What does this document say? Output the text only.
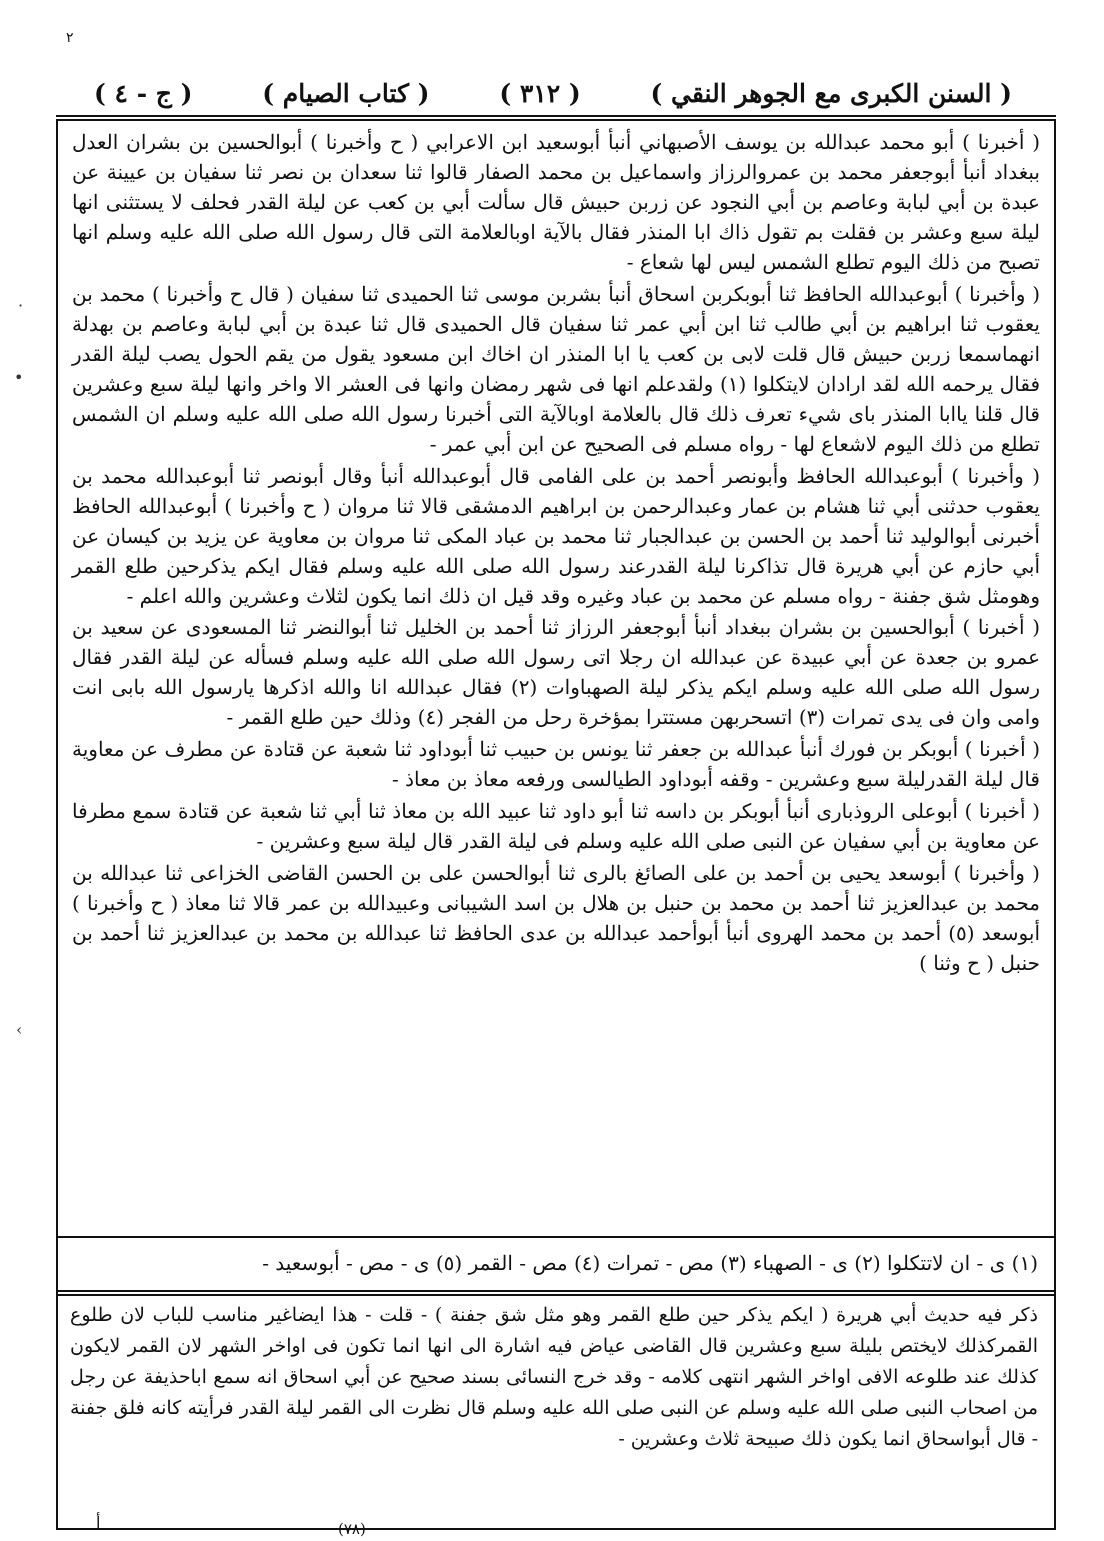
٢
·
•
‹
( السنن الكبرى مع الجوهر النقي )
( ٣١٢ )
( كتاب الصيام )
( ج - ٤ )

( أخبرنا ) أبو محمد عبدالله بن يوسف الأصبهاني أنبأ أبوسعيد ابن الاعرابي ( ح وأخبرنا ) أبوالحسين بن بشران العدل ببغداد أنبأ أبوجعفر محمد بن عمروالرزاز واسماعيل بن محمد الصفار قالوا ثنا سعدان بن نصر ثنا سفيان بن عيينة عن عبدة بن أبي لبابة وعاصم بن أبي النجود عن زربن حبيش قال سألت أبي بن كعب عن ليلة القدر فحلف لا يستثنى انها ليلة سبع وعشر بن فقلت بم تقول ذاك ابا المنذر فقال بالآية اوبالعلامة التى قال رسول الله صلى الله عليه وسلم انها تصبح من ذلك اليوم تطلع الشمس ليس لها شعاع -

( وأخبرنا ) أبوعبدالله الحافظ ثنا أبوبكربن اسحاق أنبأ بشربن موسى ثنا الحميدى ثنا سفيان ( قال ح وأخبرنا ) محمد بن يعقوب ثنا ابراهيم بن أبي طالب ثنا ابن أبي عمر ثنا سفيان قال الحميدى قال ثنا عبدة بن أبي لبابة وعاصم بن بهدلة انهماسمعا زربن حبيش قال قلت لابى بن كعب يا ابا المنذر ان اخاك ابن مسعود يقول من يقم الحول يصب ليلة القدر فقال يرحمه الله لقد ارادان لايتكلوا (١) ولقدعلم انها فى شهر رمضان وانها فى العشر الا واخر وانها ليلة سبع وعشرين قال قلنا ياابا المنذر باى شيء تعرف ذلك قال بالعلامة اوبالآية التى أخبرنا رسول الله صلى الله عليه وسلم ان الشمس تطلع من ذلك اليوم لاشعاع لها - رواه مسلم فى الصحيح عن ابن أبي عمر -

( وأخبرنا ) أبوعبدالله الحافظ وأبونصر أحمد بن على الفامى قال أبوعبدالله أنبأ وقال أبونصر ثنا أبوعبدالله محمد بن يعقوب حدثنى أبي ثنا هشام بن عمار وعبدالرحمن بن ابراهيم الدمشقى قالا ثنا مروان ( ح وأخبرنا ) أبوعبدالله الحافظ أخبرنى أبوالوليد ثنا أحمد بن الحسن بن عبدالجبار ثنا محمد بن عباد المكى ثنا مروان بن معاوية عن يزيد بن كيسان عن أبي حازم عن أبي هريرة قال تذاكرنا ليلة القدرعند رسول الله صلى الله عليه وسلم فقال ايكم يذكرحين طلع القمر وهومثل شق جفنة - رواه مسلم عن محمد بن عباد وغيره وقد قيل ان ذلك انما يكون لثلاث وعشرين والله اعلم -

( أخبرنا ) أبوالحسين بن بشران ببغداد أنبأ أبوجعفر الرزاز ثنا أحمد بن الخليل ثنا أبوالنضر ثنا المسعودى عن سعيد بن عمرو بن جعدة عن أبي عبيدة عن عبدالله ان رجلا اتى رسول الله صلى الله عليه وسلم فسأله عن ليلة القدر فقال رسول الله صلى الله عليه وسلم ايكم يذكر ليلة الصهباوات (٢) فقال عبدالله انا والله اذكرها يارسول الله بابى انت وامى وان فى يدى تمرات (٣) اتسحربهن مستترا بمؤخرة رحل من الفجر (٤) وذلك حين طلع القمر -

( أخبرنا ) أبوبكر بن فورك أنبأ عبدالله بن جعفر ثنا يونس بن حبيب ثنا أبوداود ثنا شعبة عن قتادة عن مطرف عن معاوية قال ليلة القدرليلة سبع وعشرين - وقفه أبوداود الطيالسى ورفعه معاذ بن معاذ -

( أخبرنا ) أبوعلى الروذبارى أنبأ أبوبكر بن داسه ثنا أبو داود ثنا عبيد الله بن معاذ ثنا أبي ثنا شعبة عن قتادة سمع مطرفا عن معاوية بن أبي سفيان عن النبى صلى الله عليه وسلم فى ليلة القدر قال ليلة سبع وعشرين -

( وأخبرنا ) أبوسعد يحيى بن أحمد بن على الصائغ بالرى ثنا أبوالحسن على بن الحسن القاضى الخزاعى ثنا عبدالله بن محمد بن عبدالعزيز ثنا أحمد بن محمد بن حنبل بن هلال بن اسد الشيبانى وعبيدالله بن عمر قالا ثنا معاذ ( ح وأخبرنا ) أبوسعد (٥) أحمد بن محمد الهروى أنبأ أبوأحمد عبدالله بن عدى الحافظ ثنا عبدالله بن محمد بن عبدالعزيز ثنا أحمد بن حنبل ( ح وثنا )

(١) ى - ان لاتتكلوا (٢) ى - الصهباء (٣) مص - تمرات (٤) مص - القمر (٥) ى - مص - أبوسعيد -
ذكر فيه حديث أبي هريرة ( ايكم يذكر حين طلع القمر وهو مثل شق جفنة ) - قلت - هذا ايضاغير مناسب للباب لان طلوع القمركذلك لايختص بليلة سبع وعشرين قال القاضى عياض فيه اشارة الى انها انما تكون فى اواخر الشهر لان القمر لايكون كذلك عند طلوعه الافى اواخر الشهر انتهى كلامه - وقد خرج النسائى بسند صحيح عن أبي اسحاق انه سمع اباحذيفة عن رجل من اصحاب النبى صلى الله عليه وسلم عن النبى صلى الله عليه وسلم قال نظرت الى القمر ليلة القدر فرأيته كانه فلق جفنة - قال أبواسحاق انما يكون ذلك صبيحة ثلاث وعشرين -
أ	(٧٨)
